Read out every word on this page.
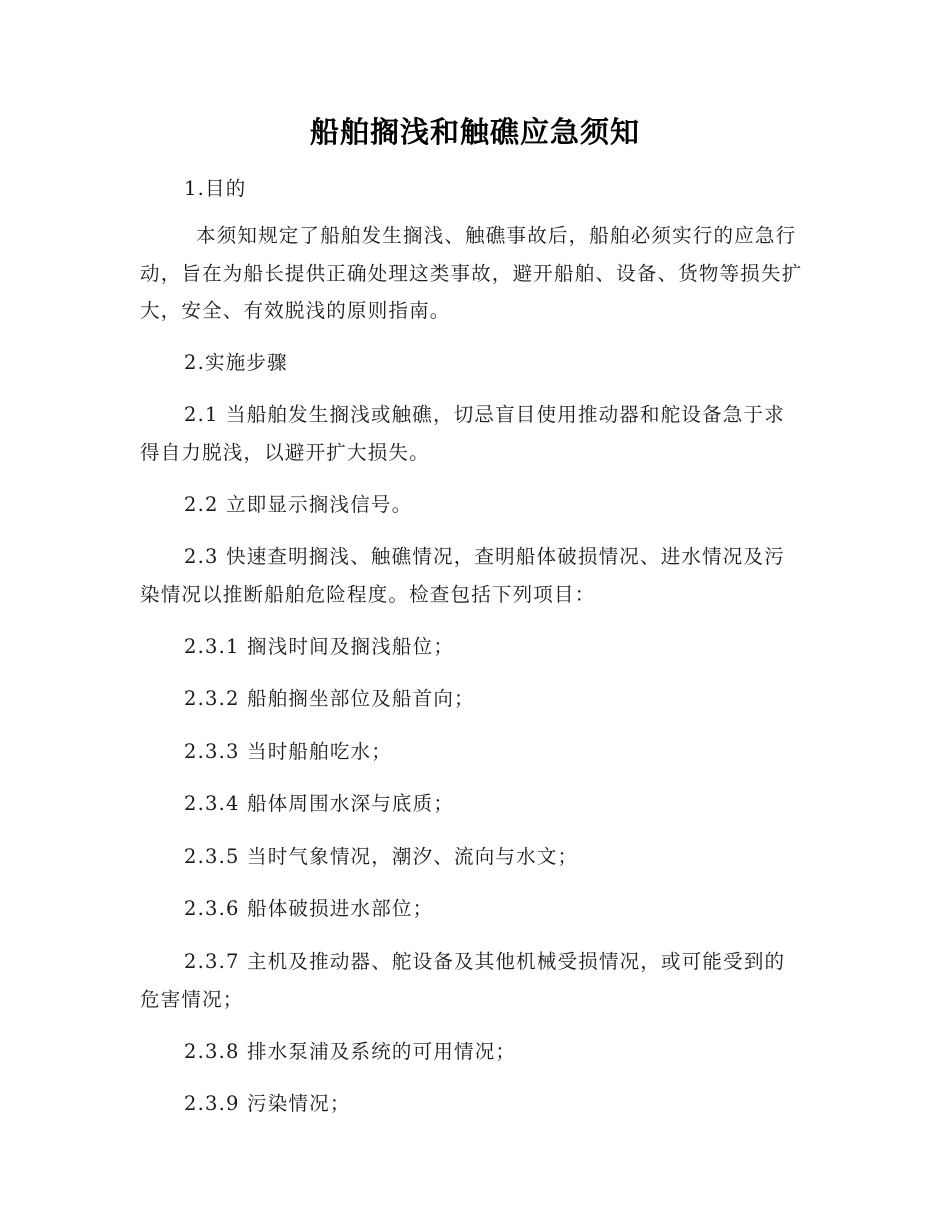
船舶搁浅和触礁应急须知

1.目的

本须知规定了船舶发生搁浅、触礁事故后，船舶必须实行的应急行动，旨在为船长提供正确处理这类事故，避开船舶、设备、货物等损失扩大，安全、有效脱浅的原则指南。

2.实施步骤

2.1 当船舶发生搁浅或触礁，切忌盲目使用推动器和舵设备急于求得自力脱浅，以避开扩大损失。

2.2 立即显示搁浅信号。

2.3 快速查明搁浅、触礁情况，查明船体破损情况、进水情况及污染情况以推断船舶危险程度。检查包括下列项目：

2.3.1 搁浅时间及搁浅船位；

2.3.2 船舶搁坐部位及船首向；

2.3.3 当时船舶吃水；

2.3.4 船体周围水深与底质；

2.3.5 当时气象情况，潮汐、流向与水文；

2.3.6 船体破损进水部位；

2.3.7 主机及推动器、舵设备及其他机械受损情况，或可能受到的危害情况；

2.3.8 排水泵浦及系统的可用情况；

2.3.9 污染情况；
